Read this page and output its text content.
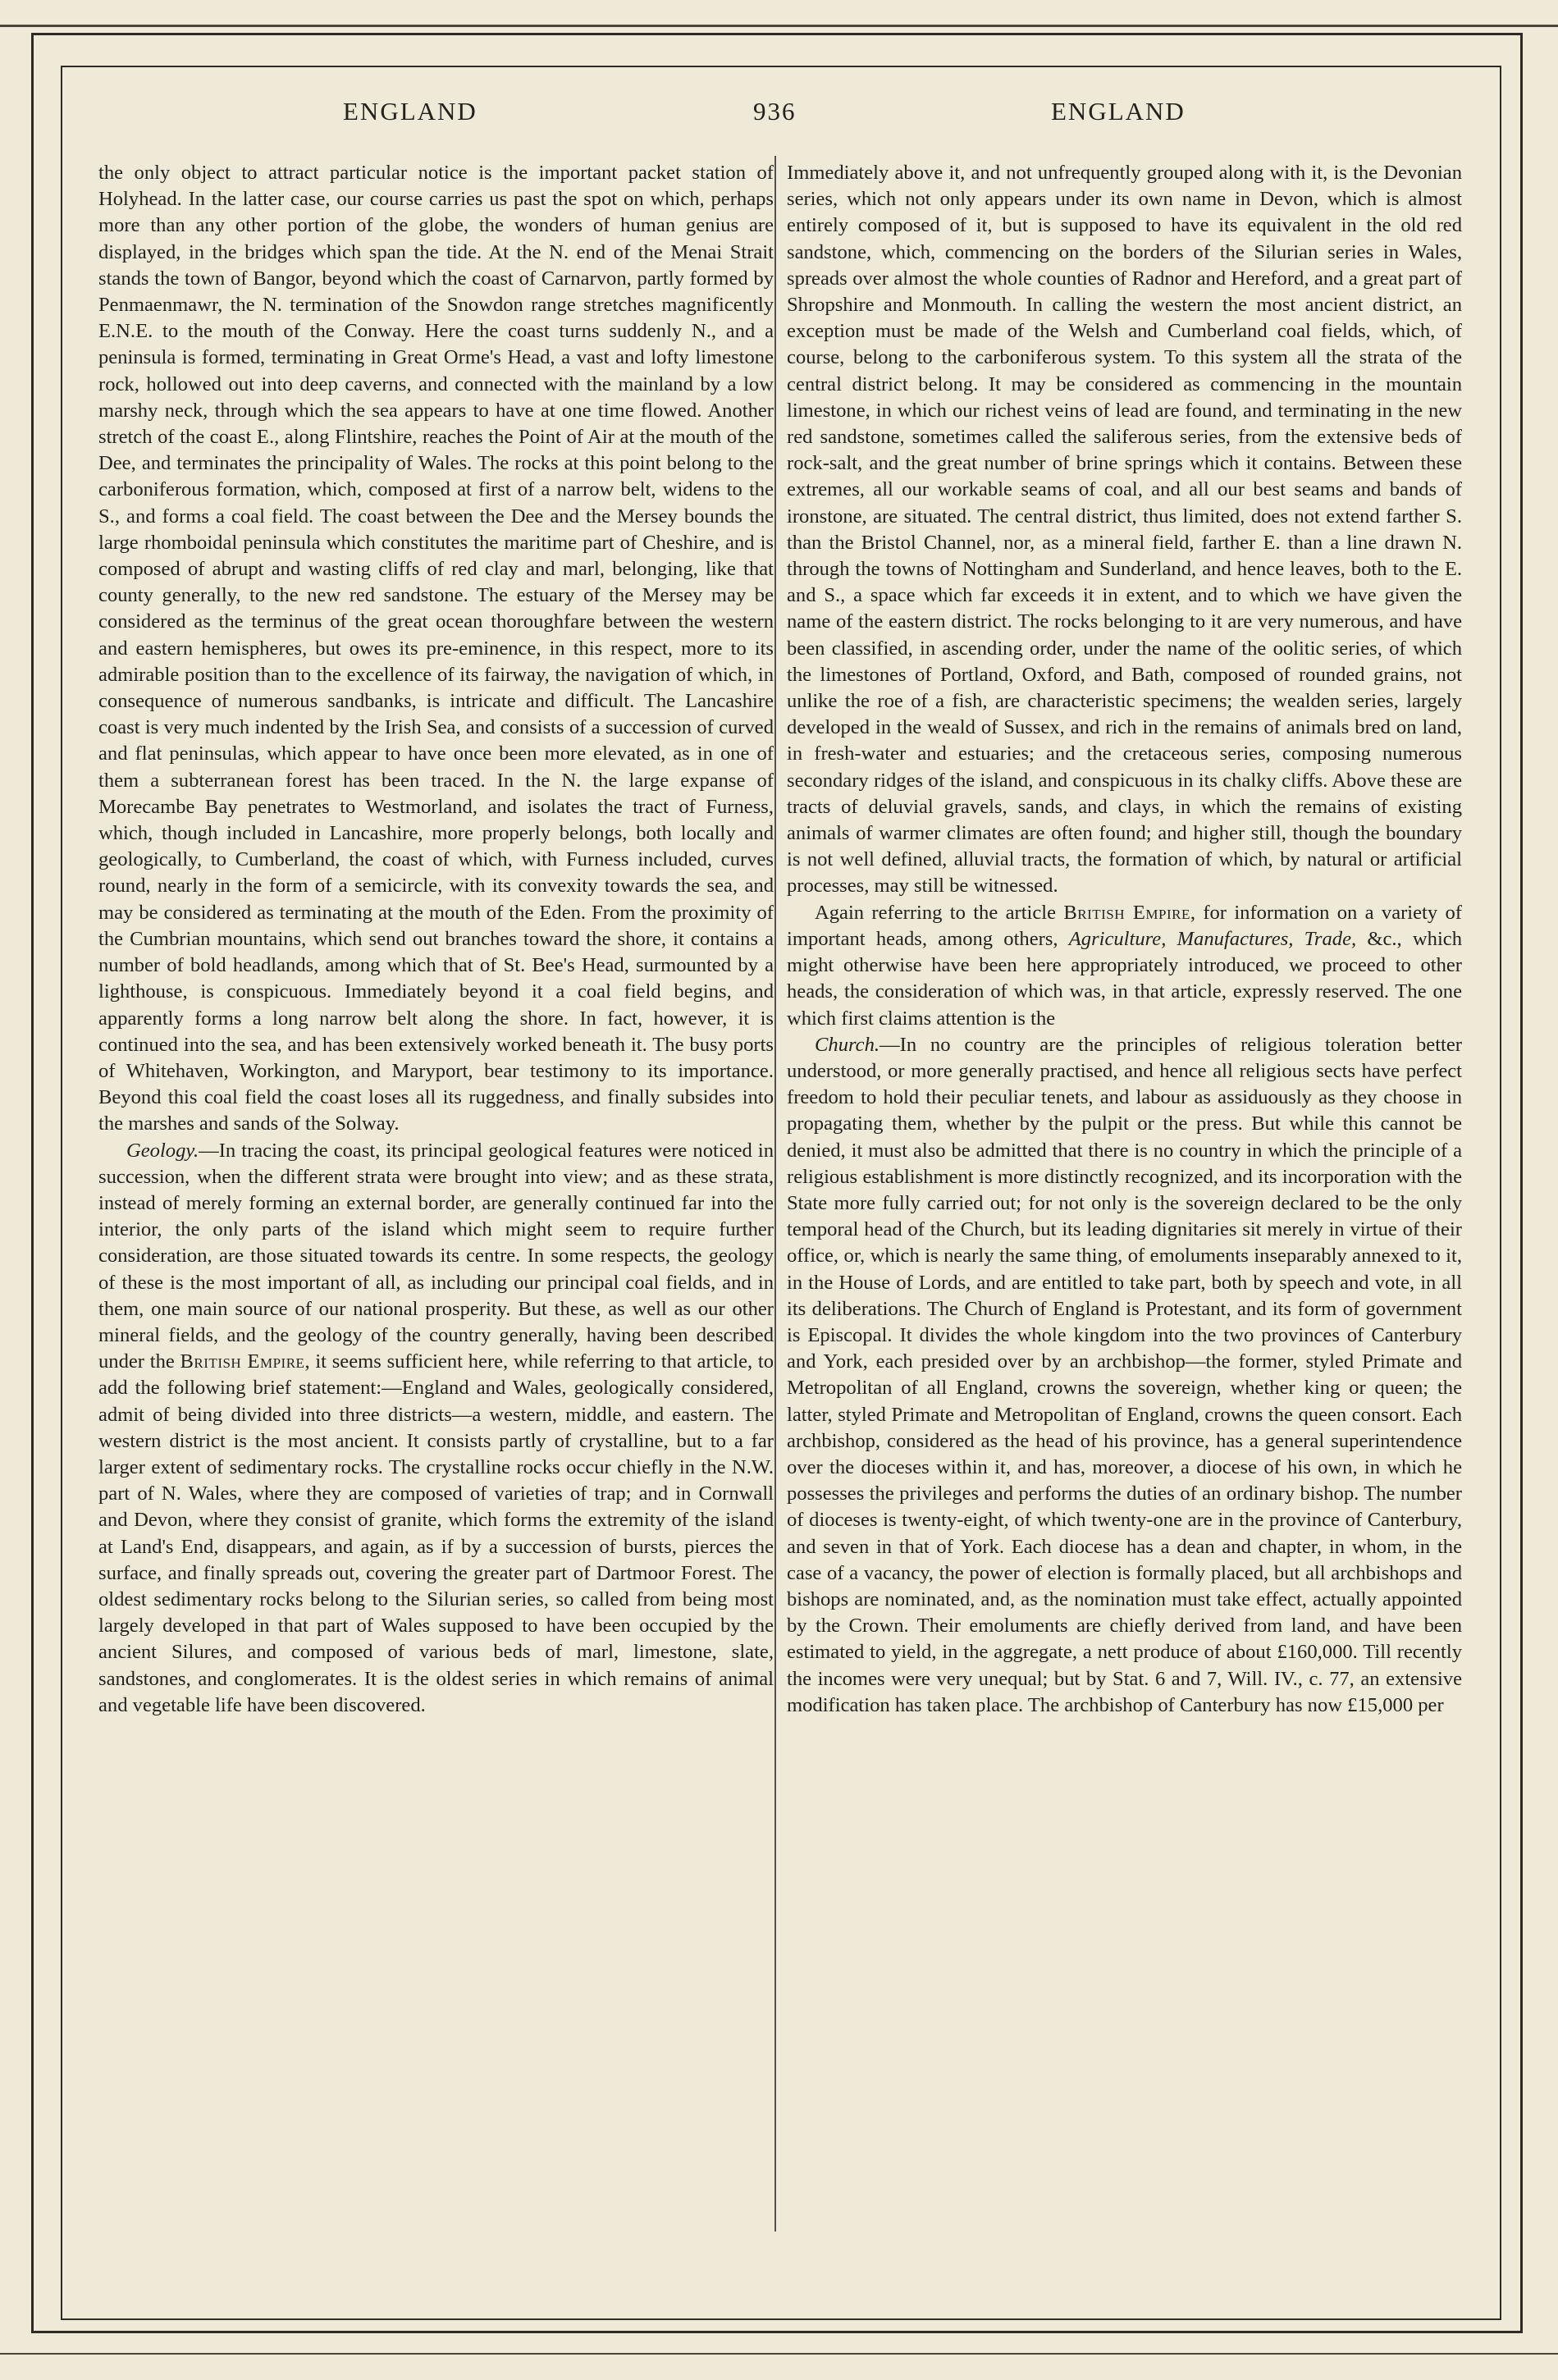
ENGLAND	936	ENGLAND

the only object to attract particular notice is the important packet station of Holyhead. In the latter case, our course carries us past the spot on which, perhaps more than any other portion of the globe, the wonders of human genius are displayed, in the bridges which span the tide. At the N. end of the Menai Strait stands the town of Bangor, beyond which the coast of Carnarvon, partly formed by Penmaenmawr, the N. termination of the Snowdon range stretches magnificently E.N.E. to the mouth of the Conway. Here the coast turns suddenly N., and a peninsula is formed, terminating in Great Orme's Head, a vast and lofty limestone rock, hollowed out into deep caverns, and connected with the mainland by a low marshy neck, through which the sea appears to have at one time flowed. Another stretch of the coast E., along Flintshire, reaches the Point of Air at the mouth of the Dee, and terminates the principality of Wales. The rocks at this point belong to the carboniferous formation, which, composed at first of a narrow belt, widens to the S., and forms a coal field. The coast between the Dee and the Mersey bounds the large rhomboidal peninsula which constitutes the maritime part of Cheshire, and is composed of abrupt and wasting cliffs of red clay and marl, belonging, like that county generally, to the new red sandstone. The estuary of the Mersey may be considered as the terminus of the great ocean thoroughfare between the western and eastern hemispheres, but owes its pre-eminence, in this respect, more to its admirable position than to the excellence of its fairway, the navigation of which, in consequence of numerous sandbanks, is intricate and difficult. The Lancashire coast is very much indented by the Irish Sea, and consists of a succession of curved and flat peninsulas, which appear to have once been more elevated, as in one of them a subterranean forest has been traced. In the N. the large expanse of Morecambe Bay penetrates to Westmorland, and isolates the tract of Furness, which, though included in Lancashire, more properly belongs, both locally and geologically, to Cumberland, the coast of which, with Furness included, curves round, nearly in the form of a semicircle, with its convexity towards the sea, and may be considered as terminating at the mouth of the Eden. From the proximity of the Cumbrian mountains, which send out branches toward the shore, it contains a number of bold headlands, among which that of St. Bee's Head, surmounted by a lighthouse, is conspicuous. Immediately beyond it a coal field begins, and apparently forms a long narrow belt along the shore. In fact, however, it is continued into the sea, and has been extensively worked beneath it. The busy ports of Whitehaven, Workington, and Maryport, bear testimony to its importance. Beyond this coal field the coast loses all its ruggedness, and finally subsides into the marshes and sands of the Solway.

Geology.—In tracing the coast, its principal geological features were noticed in succession, when the different strata were brought into view; and as these strata, instead of merely forming an external border, are generally continued far into the interior, the only parts of the island which might seem to require further consideration, are those situated towards its centre. In some respects, the geology of these is the most important of all, as including our principal coal fields, and in them, one main source of our national prosperity. But these, as well as our other mineral fields, and the geology of the country generally, having been described under the British Empire, it seems sufficient here, while referring to that article, to add the following brief statement:—England and Wales, geologically considered, admit of being divided into three districts—a western, middle, and eastern. The western district is the most ancient. It consists partly of crystalline, but to a far larger extent of sedimentary rocks. The crystalline rocks occur chiefly in the N.W. part of N. Wales, where they are composed of varieties of trap; and in Cornwall and Devon, where they consist of granite, which forms the extremity of the island at Land's End, disappears, and again, as if by a succession of bursts, pierces the surface, and finally spreads out, covering the greater part of Dartmoor Forest. The oldest sedimentary rocks belong to the Silurian series, so called from being most largely developed in that part of Wales supposed to have been occupied by the ancient Silures, and composed of various beds of marl, limestone, slate, sandstones, and conglomerates. It is the oldest series in which remains of animal and vegetable life have been discovered.

Immediately above it, and not unfrequently grouped along with it, is the Devonian series, which not only appears under its own name in Devon, which is almost entirely composed of it, but is supposed to have its equivalent in the old red sandstone, which, commencing on the borders of the Silurian series in Wales, spreads over almost the whole counties of Radnor and Hereford, and a great part of Shropshire and Monmouth. In calling the western the most ancient district, an exception must be made of the Welsh and Cumberland coal fields, which, of course, belong to the carboniferous system. To this system all the strata of the central district belong. It may be considered as commencing in the mountain limestone, in which our richest veins of lead are found, and terminating in the new red sandstone, sometimes called the saliferous series, from the extensive beds of rock-salt, and the great number of brine springs which it contains. Between these extremes, all our workable seams of coal, and all our best seams and bands of ironstone, are situated. The central district, thus limited, does not extend farther S. than the Bristol Channel, nor, as a mineral field, farther E. than a line drawn N. through the towns of Nottingham and Sunderland, and hence leaves, both to the E. and S., a space which far exceeds it in extent, and to which we have given the name of the eastern district. The rocks belonging to it are very numerous, and have been classified, in ascending order, under the name of the oolitic series, of which the limestones of Portland, Oxford, and Bath, composed of rounded grains, not unlike the roe of a fish, are characteristic specimens; the wealden series, largely developed in the weald of Sussex, and rich in the remains of animals bred on land, in fresh-water and estuaries; and the cretaceous series, composing numerous secondary ridges of the island, and conspicuous in its chalky cliffs. Above these are tracts of deluvial gravels, sands, and clays, in which the remains of existing animals of warmer climates are often found; and higher still, though the boundary is not well defined, alluvial tracts, the formation of which, by natural or artificial processes, may still be witnessed.

Again referring to the article British Empire, for information on a variety of important heads, among others, Agriculture, Manufactures, Trade, &c., which might otherwise have been here appropriately introduced, we proceed to other heads, the consideration of which was, in that article, expressly reserved. The one which first claims attention is the

Church.—In no country are the principles of religious toleration better understood, or more generally practised, and hence all religious sects have perfect freedom to hold their peculiar tenets, and labour as assiduously as they choose in propagating them, whether by the pulpit or the press. But while this cannot be denied, it must also be admitted that there is no country in which the principle of a religious establishment is more distinctly recognized, and its incorporation with the State more fully carried out; for not only is the sovereign declared to be the only temporal head of the Church, but its leading dignitaries sit merely in virtue of their office, or, which is nearly the same thing, of emoluments inseparably annexed to it, in the House of Lords, and are entitled to take part, both by speech and vote, in all its deliberations. The Church of England is Protestant, and its form of government is Episcopal. It divides the whole kingdom into the two provinces of Canterbury and York, each presided over by an archbishop—the former, styled Primate and Metropolitan of all England, crowns the sovereign, whether king or queen; the latter, styled Primate and Metropolitan of England, crowns the queen consort. Each archbishop, considered as the head of his province, has a general superintendence over the dioceses within it, and has, moreover, a diocese of his own, in which he possesses the privileges and performs the duties of an ordinary bishop. The number of dioceses is twenty-eight, of which twenty-one are in the province of Canterbury, and seven in that of York. Each diocese has a dean and chapter, in whom, in the case of a vacancy, the power of election is formally placed, but all archbishops and bishops are nominated, and, as the nomination must take effect, actually appointed by the Crown. Their emoluments are chiefly derived from land, and have been estimated to yield, in the aggregate, a nett produce of about £160,000. Till recently the incomes were very unequal; but by Stat. 6 and 7, Will. IV., c. 77, an extensive modification has taken place. The archbishop of Canterbury has now £15,000 per
